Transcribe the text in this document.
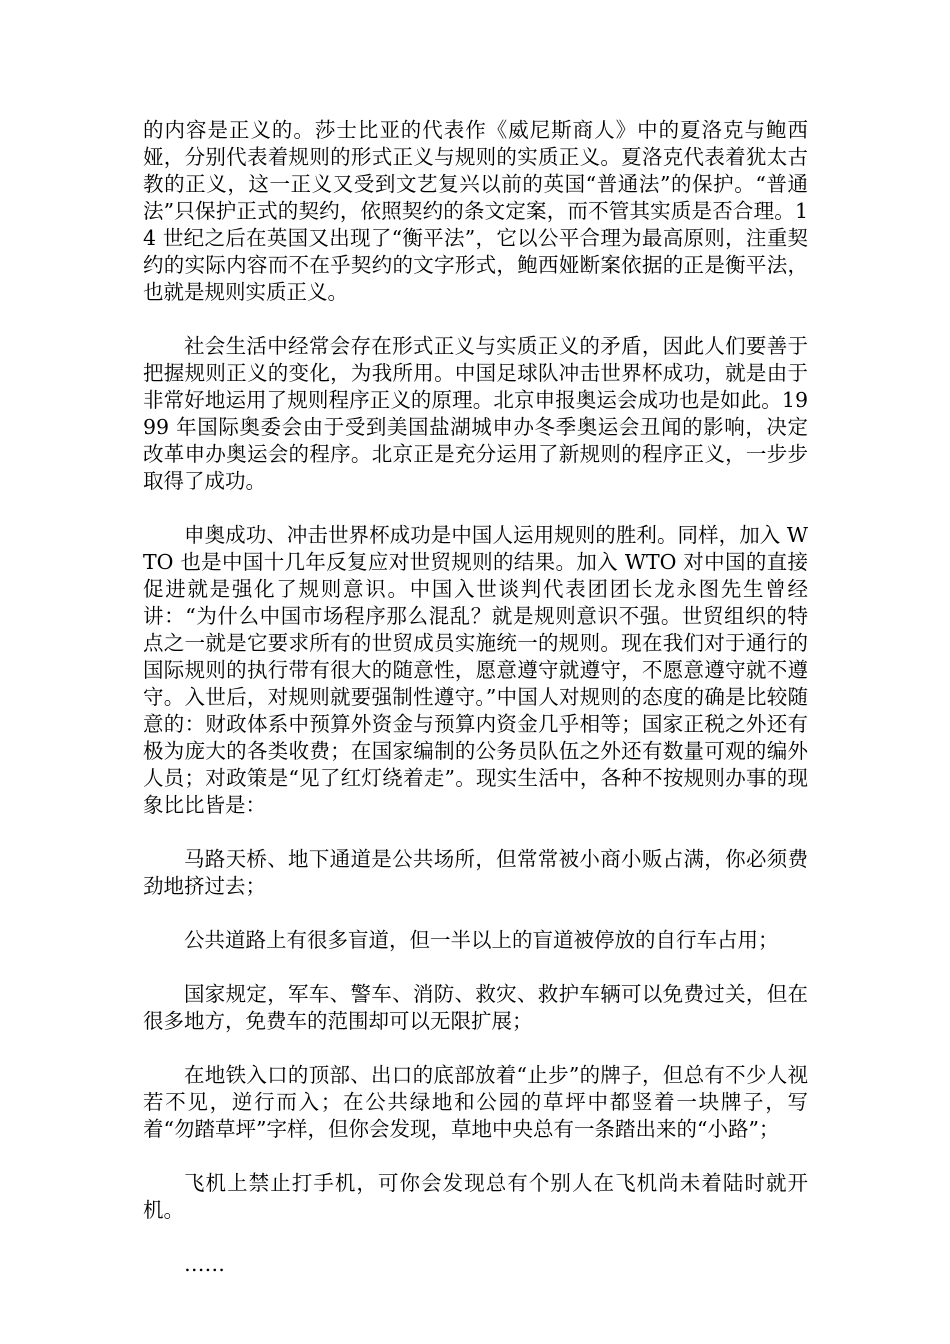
的内容是正义的。莎士比亚的代表作《威尼斯商人》中的夏洛克与鲍西娅，分别代表着规则的形式正义与规则的实质正义。夏洛克代表着犹太古教的正义，这一正义又受到文艺复兴以前的英国“普通法”的保护。“普通法”只保护正式的契约，依照契约的条文定案，而不管其实质是否合理。14 世纪之后在英国又出现了“衡平法”，它以公平合理为最高原则，注重契约的实际内容而不在乎契约的文字形式，鲍西娅断案依据的正是衡平法，也就是规则实质正义。

社会生活中经常会存在形式正义与实质正义的矛盾，因此人们要善于把握规则正义的变化，为我所用。中国足球队冲击世界杯成功，就是由于非常好地运用了规则程序正义的原理。北京申报奥运会成功也是如此。1999 年国际奥委会由于受到美国盐湖城申办冬季奥运会丑闻的影响，决定改革申办奥运会的程序。北京正是充分运用了新规则的程序正义，一步步取得了成功。

申奥成功、冲击世界杯成功是中国人运用规则的胜利。同样，加入 WTO 也是中国十几年反复应对世贸规则的结果。加入 WTO 对中国的直接促进就是强化了规则意识。中国入世谈判代表团团长龙永图先生曾经讲：“为什么中国市场程序那么混乱？就是规则意识不强。世贸组织的特点之一就是它要求所有的世贸成员实施统一的规则。现在我们对于通行的国际规则的执行带有很大的随意性，愿意遵守就遵守，不愿意遵守就不遵守。入世后，对规则就要强制性遵守。”中国人对规则的态度的确是比较随意的：财政体系中预算外资金与预算内资金几乎相等；国家正税之外还有极为庞大的各类收费；在国家编制的公务员队伍之外还有数量可观的编外人员；对政策是“见了红灯绕着走”。现实生活中，各种不按规则办事的现象比比皆是：

马路天桥、地下通道是公共场所，但常常被小商小贩占满，你必须费劲地挤过去；

公共道路上有很多盲道，但一半以上的盲道被停放的自行车占用；

国家规定，军车、警车、消防、救灾、救护车辆可以免费过关，但在很多地方，免费车的范围却可以无限扩展；

在地铁入口的顶部、出口的底部放着“止步”的牌子，但总有不少人视若不见，逆行而入；在公共绿地和公园的草坪中都竖着一块牌子，写着“勿踏草坪”字样，但你会发现，草地中央总有一条踏出来的“小路”；

飞机上禁止打手机，可你会发现总有个别人在飞机尚未着陆时就开机。

……
